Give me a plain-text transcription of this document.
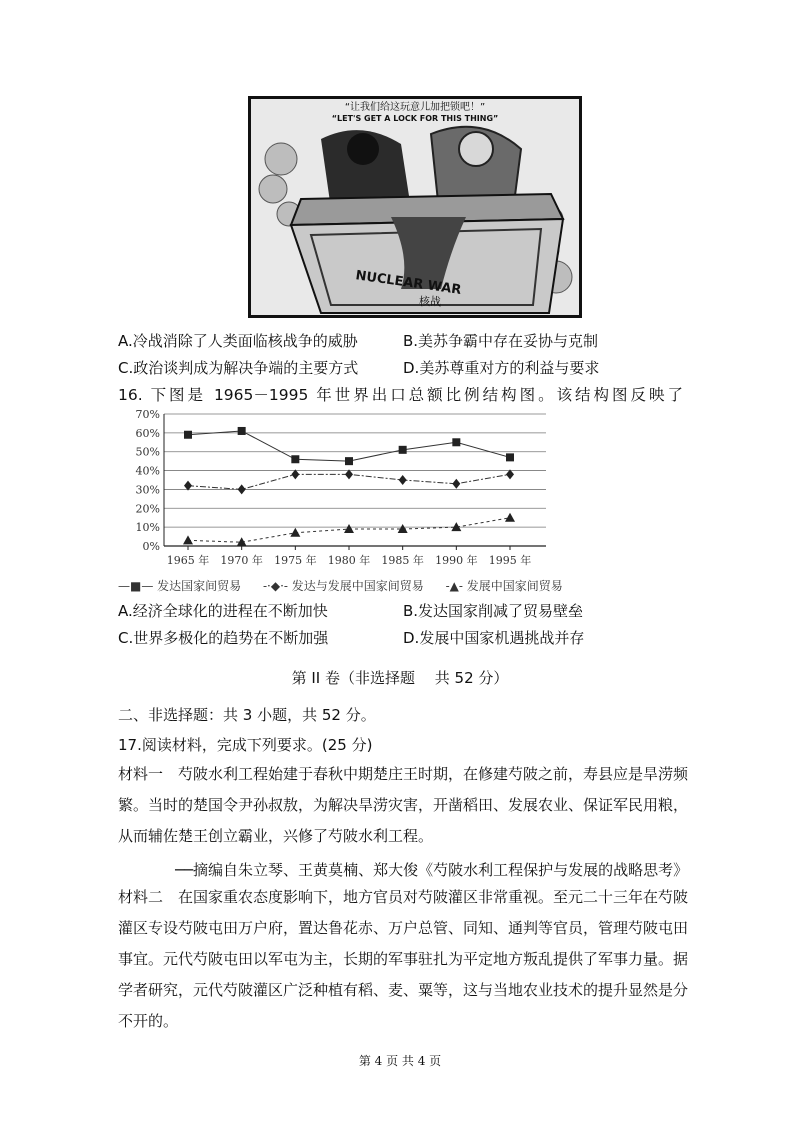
NUCLEAR WAR
核战
“让我们给这玩意儿加把锁吧！”
“LET'S GET A LOCK FOR THIS THING”
A.冷战消除了人类面临核战争的威胁	B.美苏争霸中存在妥协与克制
C.政治谈判成为解决争端的主要方式	D.美苏尊重对方的利益与要求
16. 下图是 1965－1995 年世界出口总额比例结构图。该结构图反映了
0%
10%
20%
30%
40%
50%
60%
70%
1965 年 1970 年 1975 年 1980 年 1985 年 1990 年 1995 年
—■— 发达国家间贸易 -·◆·- 发达与发展中国家间贸易 -▲- 发展中国家间贸易
A.经济全球化的进程在不断加快	B.发达国家削减了贸易壁垒
C.世界多极化的趋势在不断加强	D.发展中国家机遇挑战并存
第 II 卷（非选择题　 共 52 分）
二、非选择题：共 3 小题，共 52 分。
17.阅读材料，完成下列要求。(25 分)
材料一　芍陂水利工程始建于春秋中期楚庄王时期，在修建芍陂之前，寿县应是旱涝频繁。当时的楚国令尹孙叔敖，为解决旱涝灾害，开凿稻田、发展农业、保证军民用粮，从而辅佐楚王创立霸业，兴修了芍陂水利工程。
──摘编自朱立琴、王黄莫楠、郑大俊《芍陂水利工程保护与发展的战略思考》
材料二　在国家重农态度影响下，地方官员对芍陂灌区非常重视。至元二十三年在芍陂灌区专设芍陂屯田万户府，置达鲁花赤、万户总管、同知、通判等官员，管理芍陂屯田事宜。元代芍陂屯田以军屯为主，长期的军事驻扎为平定地方叛乱提供了军事力量。据学者研究，元代芍陂灌区广泛种植有稻、麦、粟等，这与当地农业技术的提升显然是分不开的。
第 4 页 共 4 页
